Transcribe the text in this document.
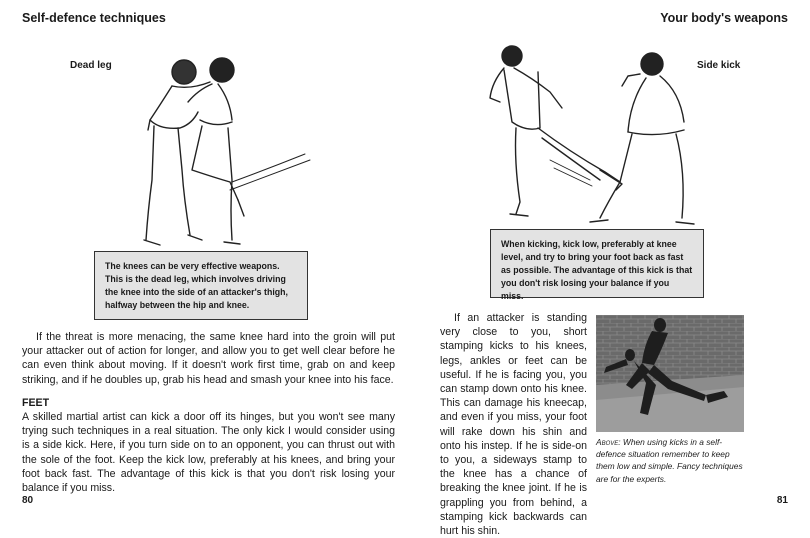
Self-defence techniques
Dead leg
The knees can be very effective weapons. This is the dead leg, which involves driving the knee into the side of an attacker's thigh, halfway between the hip and knee.

If the threat is more menacing, the same knee hard into the groin will put your attacker out of action for longer, and allow you to get well clear before he can even think about moving. If it doesn't work first time, grab on and keep striking, and if he doubles up, grab his head and smash your knee into his face.

FEET

A skilled martial artist can kick a door off its hinges, but you won't see many trying such techniques in a real situation. The only kick I would consider using is a side kick. Here, if you turn side on to an opponent, you can thrust out with the sole of the foot. Keep the kick low, preferably at his knees, and bring your foot back fast. The advantage of this kick is that you don't risk losing your balance if you miss.

80
Your body's weapons
Side kick
When kicking, kick low, preferably at knee level, and try to bring your foot back as fast as possible. The advantage of this kick is that you don't risk losing your balance if you miss.

If an attacker is standing very close to you, short stamping kicks to his knees, legs, ankles or feet can be useful. If he is facing you, you can stamp down onto his knee. This can damage his kneecap, and even if you miss, your foot will rake down his shin and onto his instep. If he is side-on to you, a sideways stamp to the knee has a chance of breaking the knee joint. If he is grappling you from behind, a stamping kick backwards can hurt his shin.

Above: When using kicks in a self-defence situation remember to keep them low and simple. Fancy techniques are for the experts.
81
